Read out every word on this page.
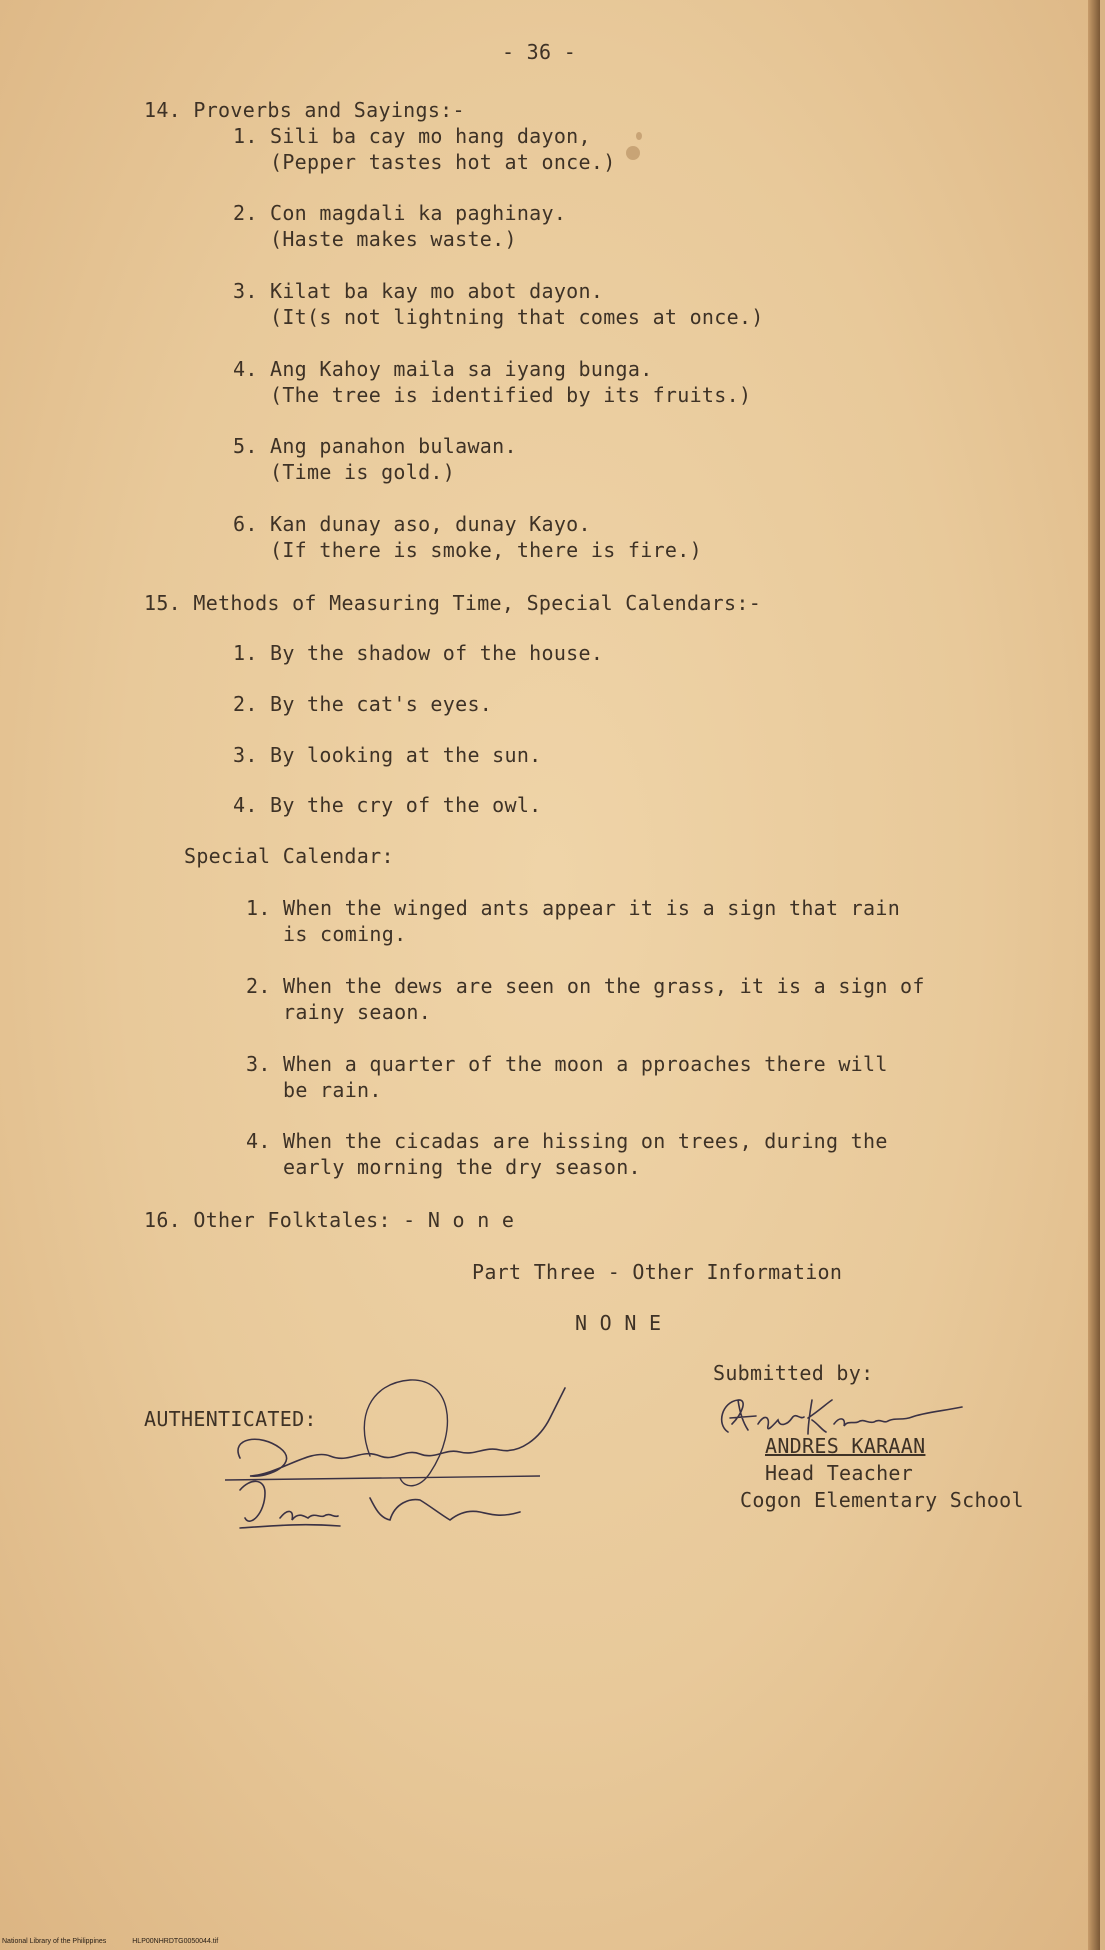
- 36 -

14. Proverbs and Sayings:-

1. Sili ba cay mo hang dayon,

(Pepper tastes hot at once.)

2. Con magdali ka paghinay.

(Haste makes waste.)

3. Kilat ba kay mo abot dayon.

(It(s not lightning that comes at once.)

4. Ang Kahoy maila sa iyang bunga.

(The tree is identified by its fruits.)

5. Ang panahon bulawan.

(Time is gold.)

6. Kan dunay aso, dunay Kayo.

(If there is smoke, there is fire.)

15. Methods of Measuring Time, Special Calendars:-

1. By the shadow of the house.

2. By the cat's eyes.

3. By looking at the sun.

4. By the cry of the owl.

Special Calendar:

1. When the winged ants appear it is a sign that rain

is coming.

2. When the dews are seen on the grass, it is a sign of

rainy seaon.

3. When a quarter of the moon a pproaches there will

be rain.

4. When the cicadas are hissing on trees, during the

early morning the dry season.

16. Other Folktales: - N o n e

Part Three - Other Information

N O N E

Submitted by:

ANDRES KARAAN

Head Teacher

Cogon Elementary School

AUTHENTICATED:

National Library of the Philippines	HLP00NHRDTG0050044.tif
